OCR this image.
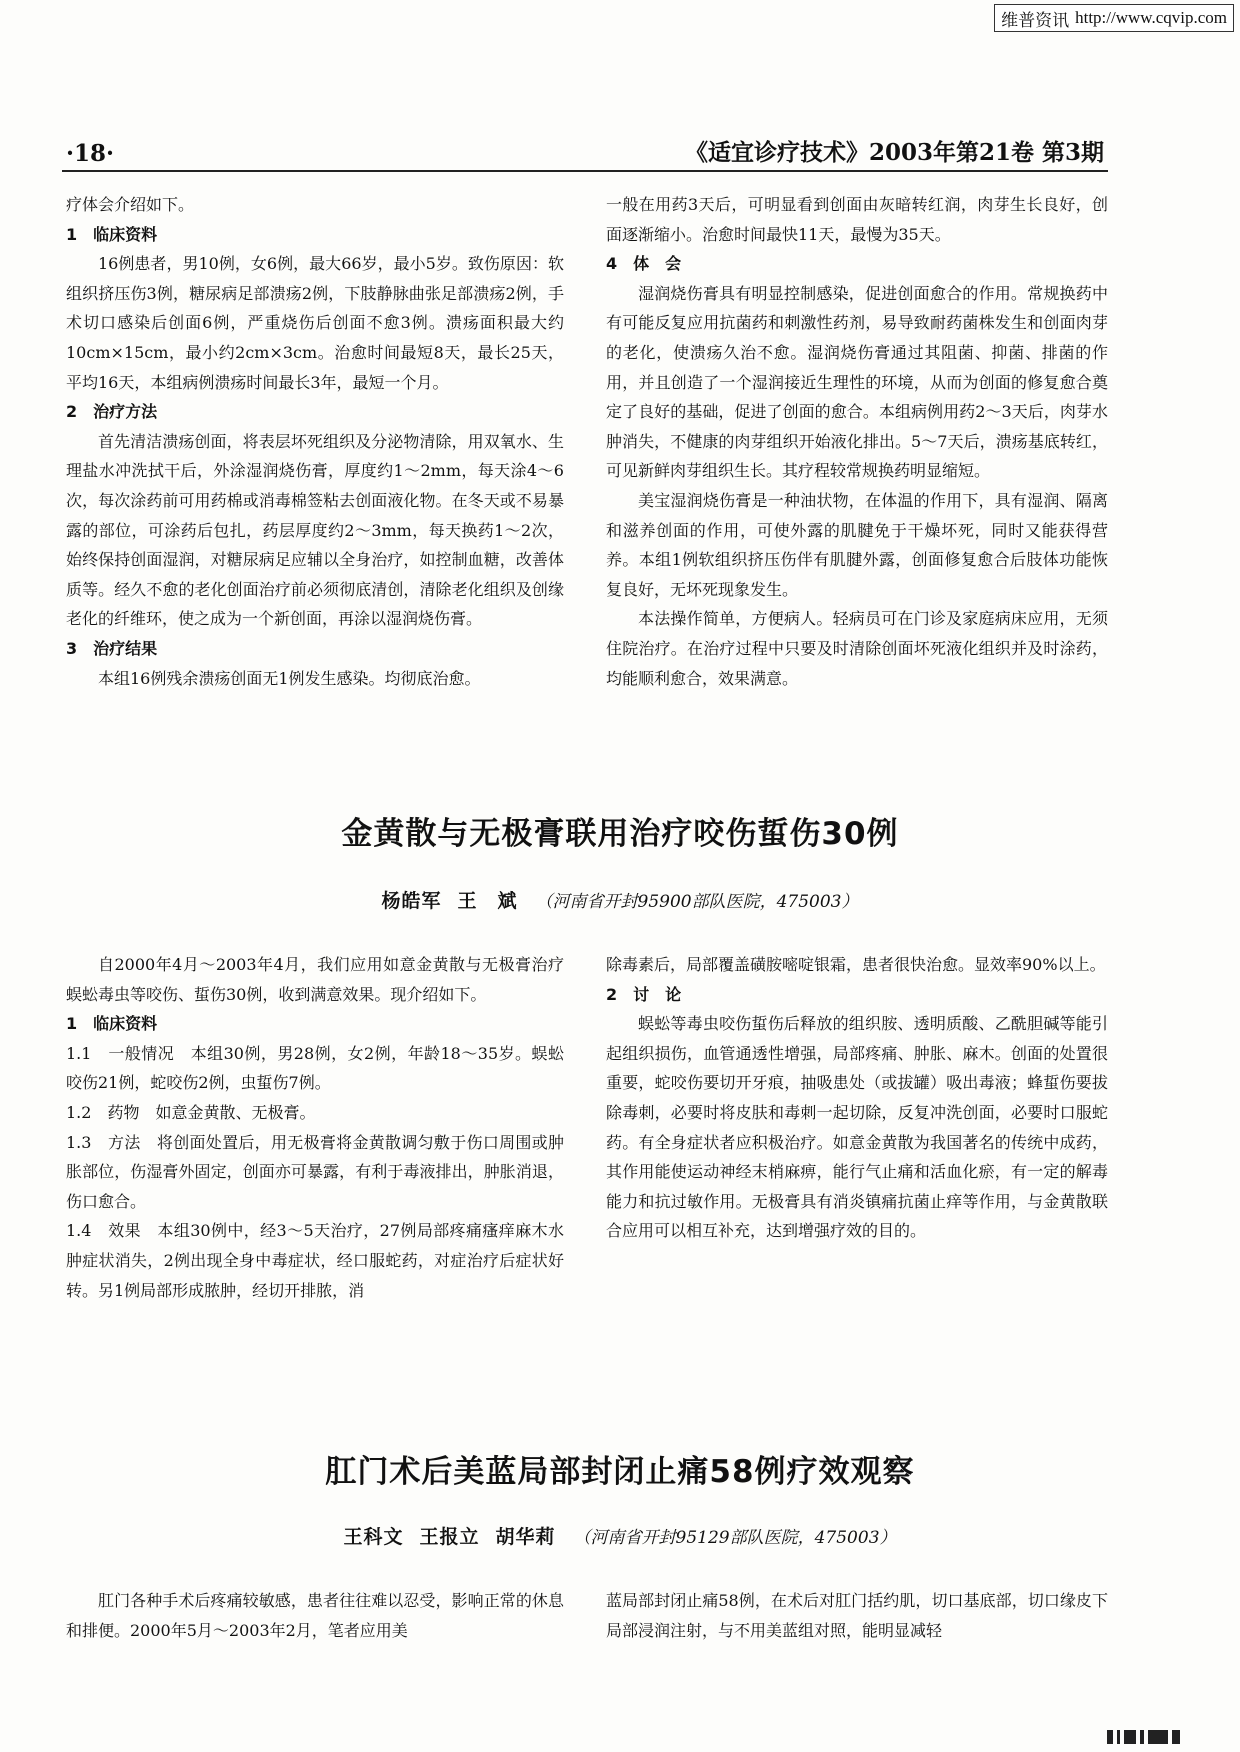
维普资讯 http://www.cqvip.com
·18·	《适宜诊疗技术》2003年第21卷 第3期

疗体会介绍如下。

1　临床资料

16例患者，男10例，女6例，最大66岁，最小5岁。致伤原因：软组织挤压伤3例，糖尿病足部溃疡2例，下肢静脉曲张足部溃疡2例，手术切口感染后创面6例，严重烧伤后创面不愈3例。溃疡面积最大约10cm×15cm，最小约2cm×3cm。治愈时间最短8天，最长25天，平均16天，本组病例溃疡时间最长3年，最短一个月。

2　治疗方法

首先清洁溃疡创面，将表层坏死组织及分泌物清除，用双氧水、生理盐水冲洗拭干后，外涂湿润烧伤膏，厚度约1～2mm，每天涂4～6次，每次涂药前可用药棉或消毒棉签粘去创面液化物。在冬天或不易暴露的部位，可涂药后包扎，药层厚度约2～3mm，每天换药1～2次，始终保持创面湿润，对糖尿病足应辅以全身治疗，如控制血糖，改善体质等。经久不愈的老化创面治疗前必须彻底清创，清除老化组织及创缘老化的纤维环，使之成为一个新创面，再涂以湿润烧伤膏。

3　治疗结果

本组16例残余溃疡创面无1例发生感染。均彻底治愈。

一般在用药3天后，可明显看到创面由灰暗转红润，肉芽生长良好，创面逐渐缩小。治愈时间最快11天，最慢为35天。

4　体　会

湿润烧伤膏具有明显控制感染，促进创面愈合的作用。常规换药中有可能反复应用抗菌药和刺激性药剂，易导致耐药菌株发生和创面肉芽的老化，使溃疡久治不愈。湿润烧伤膏通过其阻菌、抑菌、排菌的作用，并且创造了一个湿润接近生理性的环境，从而为创面的修复愈合奠定了良好的基础，促进了创面的愈合。本组病例用药2～3天后，肉芽水肿消失，不健康的肉芽组织开始液化排出。5～7天后，溃疡基底转红，可见新鲜肉芽组织生长。其疗程较常规换药明显缩短。

美宝湿润烧伤膏是一种油状物，在体温的作用下，具有湿润、隔离和滋养创面的作用，可使外露的肌腱免于干燥坏死，同时又能获得营养。本组1例软组织挤压伤伴有肌腱外露，创面修复愈合后肢体功能恢复良好，无坏死现象发生。

本法操作简单，方便病人。轻病员可在门诊及家庭病床应用，无须住院治疗。在治疗过程中只要及时清除创面坏死液化组织并及时涂药，均能顺利愈合，效果满意。

金黄散与无极膏联用治疗咬伤蜇伤30例
杨皓军 王　斌 （河南省开封95900部队医院，475003）

自2000年4月～2003年4月，我们应用如意金黄散与无极膏治疗蜈蚣毒虫等咬伤、蜇伤30例，收到满意效果。现介绍如下。

1　临床资料

1.1　一般情况　本组30例，男28例，女2例，年龄18～35岁。蜈蚣咬伤21例，蛇咬伤2例，虫蜇伤7例。

1.2　药物　如意金黄散、无极膏。

1.3　方法　将创面处置后，用无极膏将金黄散调匀敷于伤口周围或肿胀部位，伤湿膏外固定，创面亦可暴露，有利于毒液排出，肿胀消退，伤口愈合。

1.4　效果　本组30例中，经3～5天治疗，27例局部疼痛瘙痒麻木水肿症状消失，2例出现全身中毒症状，经口服蛇药，对症治疗后症状好转。另1例局部形成脓肿，经切开排脓，消

除毒素后，局部覆盖磺胺嘧啶银霜，患者很快治愈。显效率90%以上。

2　讨　论

蜈蚣等毒虫咬伤蜇伤后释放的组织胺、透明质酸、乙酰胆碱等能引起组织损伤，血管通透性增强，局部疼痛、肿胀、麻木。创面的处置很重要，蛇咬伤要切开牙痕，抽吸患处（或拔罐）吸出毒液；蜂蜇伤要拔除毒刺，必要时将皮肤和毒刺一起切除，反复冲洗创面，必要时口服蛇药。有全身症状者应积极治疗。如意金黄散为我国著名的传统中成药，其作用能使运动神经末梢麻痹，能行气止痛和活血化瘀，有一定的解毒能力和抗过敏作用。无极膏具有消炎镇痛抗菌止痒等作用，与金黄散联合应用可以相互补充，达到增强疗效的目的。

肛门术后美蓝局部封闭止痛58例疗效观察
王科文 王报立 胡华莉 （河南省开封95129部队医院，475003）

肛门各种手术后疼痛较敏感，患者往往难以忍受，影响正常的休息和排便。2000年5月～2003年2月，笔者应用美

蓝局部封闭止痛58例，在术后对肛门括约肌，切口基底部，切口缘皮下局部浸润注射，与不用美蓝组对照，能明显减轻
